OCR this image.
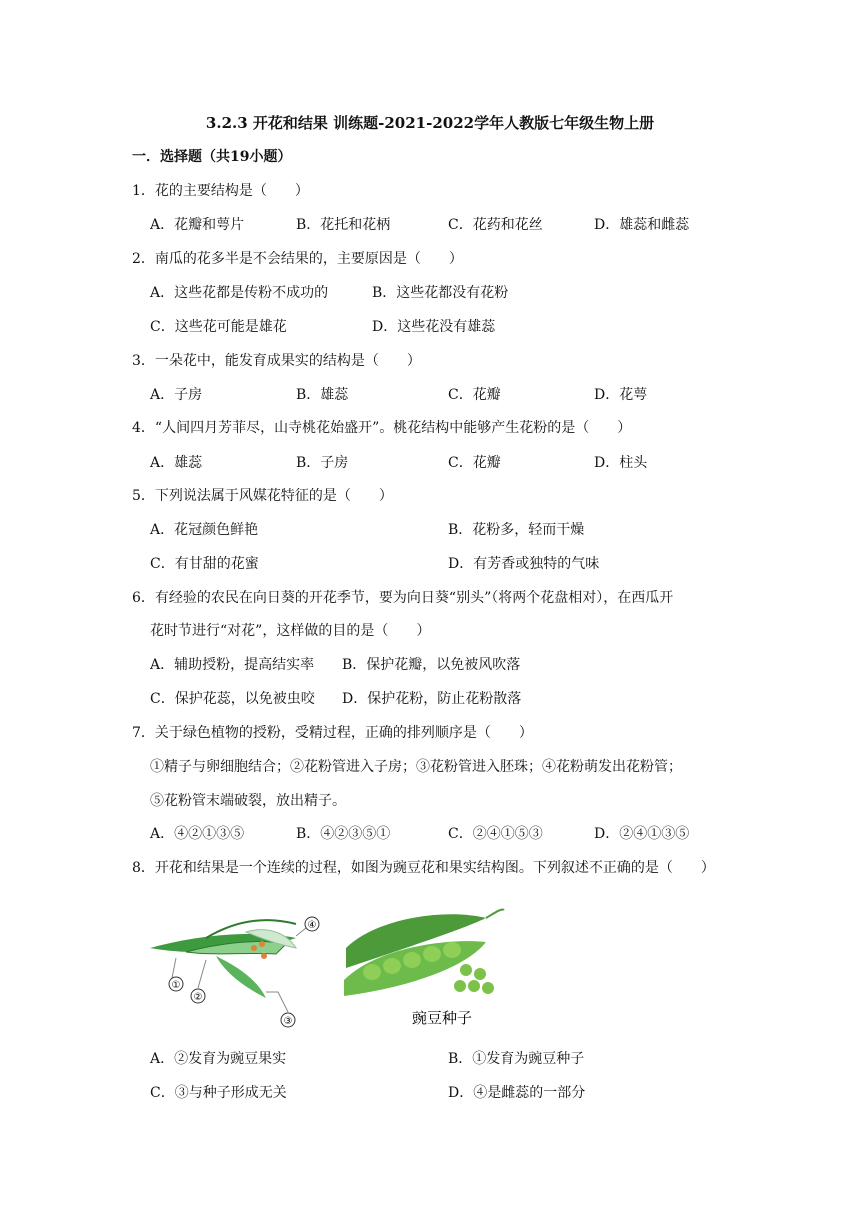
3.2.3 开花和结果 训练题-2021-2022学年人教版七年级生物上册
一．选择题（共19小题）
1．花的主要结构是（　　）
A．花瓣和萼片	B．花托和花柄	C．花药和花丝	D．雄蕊和雌蕊
2．南瓜的花多半是不会结果的，主要原因是（　　）
A．这些花都是传粉不成功的	B．这些花都没有花粉
C．这些花可能是雄花	D．这些花没有雄蕊
3．一朵花中，能发育成果实的结构是（　　）
A．子房	B．雄蕊	C．花瓣	D．花萼
4．“人间四月芳菲尽，山寺桃花始盛开”。桃花结构中能够产生花粉的是（　　）
A．雄蕊	B．子房	C．花瓣	D．柱头
5．下列说法属于风媒花特征的是（　　）
A．花冠颜色鲜艳	B．花粉多，轻而干燥
C．有甘甜的花蜜	D．有芳香或独特的气味
6．有经验的农民在向日葵的开花季节，要为向日葵“别头”（将两个花盘相对），在西瓜开
花时节进行“对花”，这样做的目的是（　　）
A．辅助授粉，提高结实率 B．保护花瓣，以免被风吹落
C．保护花蕊，以免被虫咬 D．保护花粉，防止花粉散落
7．关于绿色植物的授粉，受精过程，正确的排列顺序是（　　）
①精子与卵细胞结合；②花粉管进入子房；③花粉管进入胚珠；④花粉萌发出花粉管；
⑤花粉管末端破裂，放出精子。
A．④②①③⑤	B．④②③⑤①	C．②④①⑤③	D．②④①③⑤
8．开花和结果是一个连续的过程，如图为豌豆花和果实结构图。下列叙述不正确的是（　　）
④
①
②
③	豌豆种子
A．②发育为豌豆果实	B．①发育为豌豆种子
C．③与种子形成无关	D．④是雌蕊的一部分
